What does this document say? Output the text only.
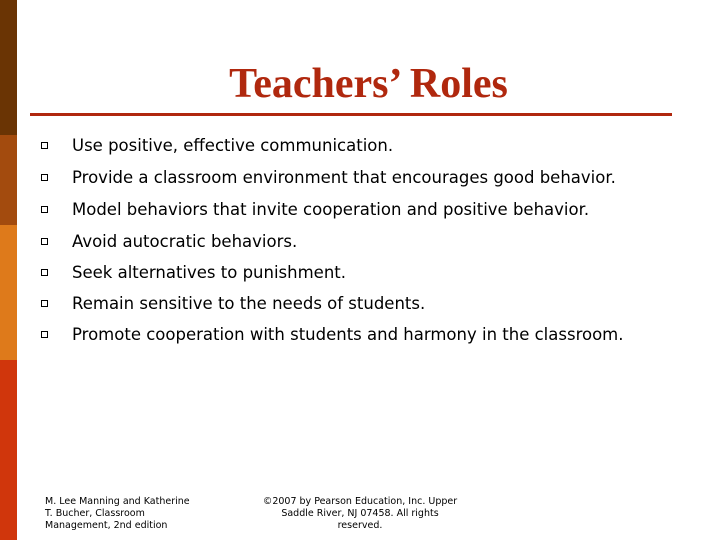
Teachers’ Roles
Use positive, effective communication.
Provide a classroom environment that encourages good behavior.
Model behaviors that invite cooperation and positive behavior.
Avoid autocratic behaviors.
Seek alternatives to punishment.
Remain sensitive to the needs of students.
Promote cooperation with students and harmony in the classroom.
M. Lee Manning and Katherine
T. Bucher, Classroom
Management, 2nd edition
©2007 by Pearson Education, Inc. Upper
Saddle River, NJ 07458. All rights
reserved.
